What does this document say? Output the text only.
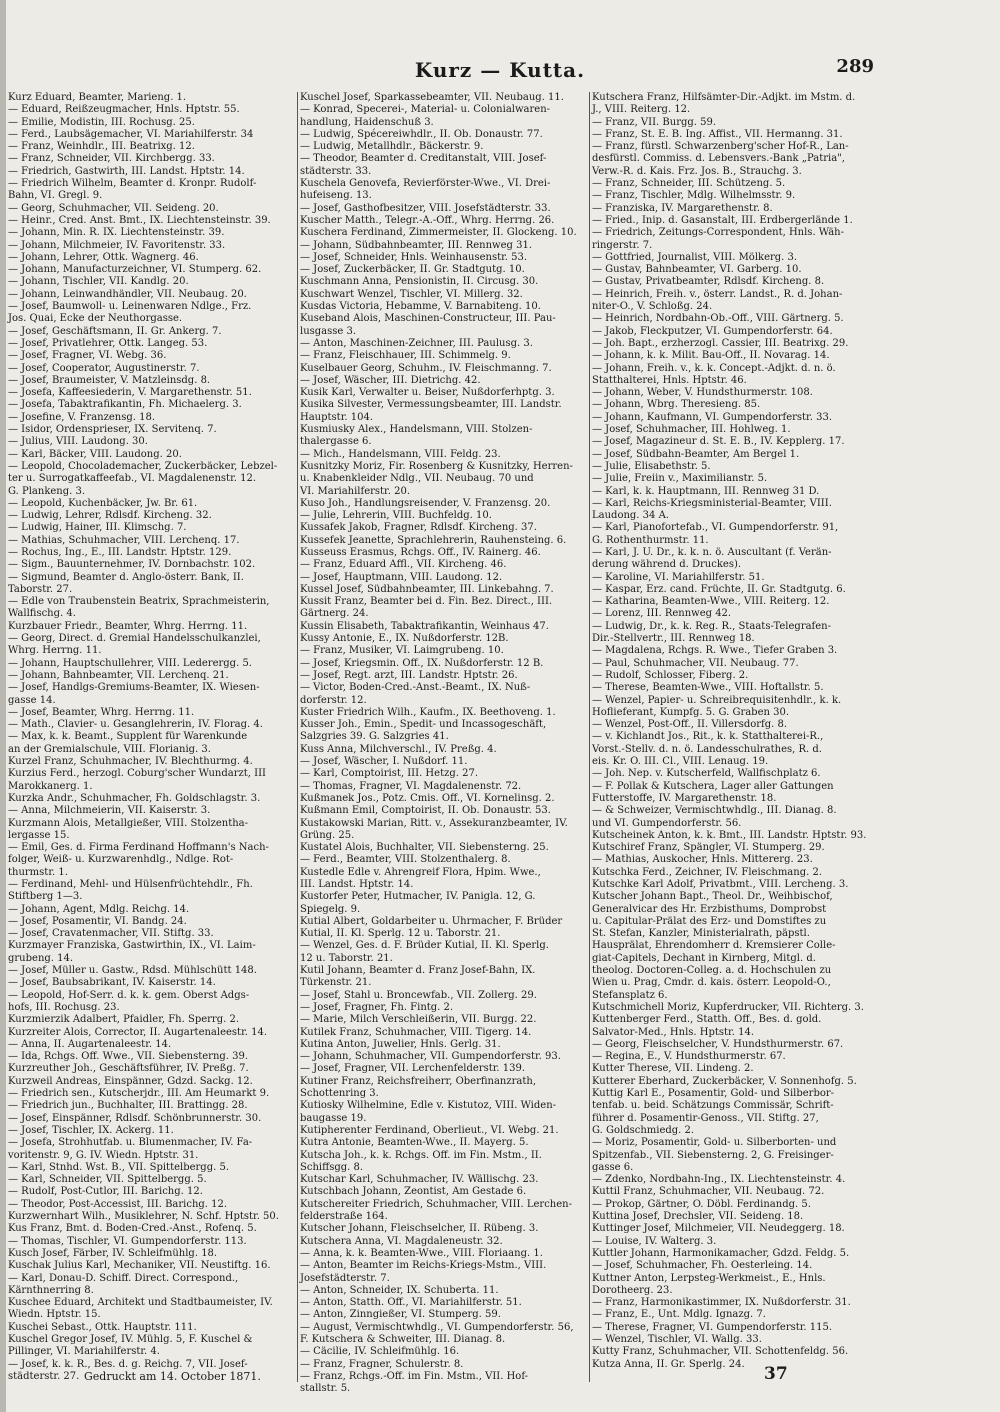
Kurz — Kutta.	289
Kurz Eduard, Beamter, Marieng. 1.
— Eduard, Reißzeugmacher, Hnls. Hptstr. 55.
— Emilie, Modistin, III. Rochusg. 25.
— Ferd., Laubsägemacher, VI. Mariahilferstr. 34
— Franz, Weinhdlr., III. Beatrixg. 12.
— Franz, Schneider, VII. Kirchbergg. 33.
— Friedrich, Gastwirth, III. Landst. Hptstr. 14.
— Friedrich Wilhelm, Beamter d. Kronpr. Rudolf-
Bahn, VI. Gregl. 9.
— Georg, Schuhmacher, VII. Seideng. 20.
— Heinr., Cred. Anst. Bmt., IX. Liechtensteinstr. 39.
— Johann, Min. R. IX. Liechtensteinstr. 39.
— Johann, Milchmeier, IV. Favoritenstr. 33.
— Johann, Lehrer, Ottk. Wagnerg. 46.
— Johann, Manufacturzeichner, VI. Stumperg. 62.
— Johann, Tischler, VII. Kandlg. 20.
— Johann, Leinwandhändler, VII. Neubaug. 20.
— Josef, Baumwoll- u. Leinenwaren Ndlge., Frz.
Jos. Quai, Ecke der Neuthorgasse.
— Josef, Geschäftsmann, II. Gr. Ankerg. 7.
— Josef, Privatlehrer, Ottk. Langeg. 53.
— Josef, Fragner, VI. Webg. 36.
— Josef, Cooperator, Augustinerstr. 7.
— Josef, Braumeister, V. Matzleinsdg. 8.
— Josefa, Kaffeesiederin, V. Margarethenstr. 51.
— Josefa, Tabaktrafikantin, Fh. Michaelerg. 3.
— Josefine, V. Franzensg. 18.
— Isidor, Ordensprieser, IX. Servitenq. 7.
— Julius, VIII. Laudong. 30.
— Karl, Bäcker, VIII. Laudong. 20.
— Leopold, Chocolademacher, Zuckerbäcker, Lebzel-
ter u. Surrogatkaffeefab., VI. Magdalenenstr. 12.
G. Plankeng. 3.
— Leopold, Kuchenbäcker, Jw. Br. 61.
— Ludwig, Lehrer, Rdlsdf. Kircheng. 32.
— Ludwig, Hainer, III. Klimschg. 7.
— Mathias, Schuhmacher, VIII. Lerchenq. 17.
— Rochus, Ing., E., III. Landstr. Hptstr. 129.
— Sigm., Bauunternehmer, IV. Dornbachstr. 102.
— Sigmund, Beamter d. Anglo-österr. Bank, II.
Taborstr. 27.
— Edle von Traubenstein Beatrix, Sprachmeisterin,
Wallfischg. 4.
Kurzbauer Friedr., Beamter, Whrg. Herrng. 11.
— Georg, Direct. d. Gremial Handelsschulkanzlei,
Whrg. Herrng. 11.
— Johann, Hauptschullehrer, VIII. Lederergg. 5.
— Johann, Bahnbeamter, VII. Lerchenq. 21.
— Josef, Handlgs-Gremiums-Beamter, IX. Wiesen-
gasse 14.
— Josef, Beamter, Whrg. Herrng. 11.
— Math., Clavier- u. Gesanglehrerin, IV. Florag. 4.
— Max, k. k. Beamt., Supplent für Warenkunde
an der Gremialschule, VIII. Florianig. 3.
Kurzel Franz, Schuhmacher, IV. Blechthurmg. 4.
Kurzius Ferd., herzogl. Coburg'scher Wundarzt, III
Marokkanerg. 1.
Kurzka Andr., Schuhmacher, Fh. Goldschlagstr. 3.
— Anna, Milchmeierin, VII. Kaiserstr. 3.
Kurzmann Alois, Metallgießer, VIII. Stolzentha-
lergasse 15.
— Emil, Ges. d. Firma Ferdinand Hoffmann's Nach-
folger, Weiß- u. Kurzwarenhdlg., Ndlge. Rot-
thurmstr. 1.
— Ferdinand, Mehl- und Hülsenfrüchtehdlr., Fh.
Stiftberg 1—3.
— Johann, Agent, Mdlg. Reichg. 14.
— Josef, Posamentir, VI. Bandg. 24.
— Josef, Cravatenmacher, VII. Stiftg. 33.
Kurzmayer Franziska, Gastwirthin, IX., VI. Laim-
grubeng. 14.
— Josef, Müller u. Gastw., Rdsd. Mühlschütt 148.
— Josef, Baubsabrikant, IV. Kaiserstr. 14.
— Leopold, Hof-Serr. d. k. k. gem. Oberst Adgs-
hofs, III. Rochusg. 23.
Kurzmierzik Adalbert, Pfaidler, Fh. Sperrg. 2.
Kurzreiter Alois, Corrector, II. Augartenaleestr. 14.
— Anna, II. Augartenaleestr. 14.
— Ida, Rchgs. Off. Wwe., VII. Siebensterng. 39.
Kurzreuther Joh., Geschäftsführer, IV. Preßg. 7.
Kurzweil Andreas, Einspänner, Gdzd. Sackg. 12.
— Friedrich sen., Kutscherjdr., III. Am Heumarkt 9.
— Friedrich jun., Buchhalter, III. Brattingg. 28.
— Josef, Einspänner, Rdlsdf. Schönbrunnerstr. 30.
— Josef, Tischler, IX. Ackerg. 11.
— Josefa, Strohhutfab. u. Blumenmacher, IV. Fa-
voritenstr. 9, G. IV. Wiedn. Hptstr. 31.
— Karl, Stnhd. Wst. B., VII. Spittelbergg. 5.
— Karl, Schneider, VII. Spittelbergg. 5.
— Rudolf, Post-Cutlor, III. Barichg. 12.
— Theodor, Post-Accessist, III. Barichg. 12.
Kurzwernhart Wilh., Musiklehrer, N. Schf. Hptstr. 50.
Kus Franz, Bmt. d. Boden-Cred.-Anst., Rofenq. 5.
— Thomas, Tischler, VI. Gumpendorferstr. 113.
Kusch Josef, Färber, IV. Schleifmühlg. 18.
Kuschak Julius Karl, Mechaniker, VII. Neustiftg. 16.
— Karl, Donau-D. Schiff. Direct. Correspond.,
Kärnthnerring 8.
Kuschee Eduard, Architekt und Stadtbaumeister, IV.
Wiedn. Hptstr. 15.
Kuschei Sebast., Ottk. Hauptstr. 111.
Kuschel Gregor Josef, IV. Mühlg. 5, F. Kuschel &
Pillinger, VI. Mariahilferstr. 4.
— Josef, k. k. R., Bes. d. g. Reichg. 7, VII. Josef-
städterstr. 27.
Kuschel Josef, Sparkassebeamter, VII. Neubaug. 11.
— Konrad, Specerei-, Material- u. Colonialwaren-
handlung, Haidenschuß 3.
— Ludwig, Spécereiwhdlr., II. Ob. Donaustr. 77.
— Ludwig, Metallhdlr., Bäckerstr. 9.
— Theodor, Beamter d. Creditanstalt, VIII. Josef-
städterstr. 33.
Kuschela Genovefa, Revierförster-Wwe., VI. Drei-
hufeiseng. 13.
— Josef, Gasthofbesitzer, VIII. Josefstädterstr. 33.
Kuscher Matth., Telegr.-A.-Off., Whrg. Herrng. 26.
Kuschera Ferdinand, Zimmermeister, II. Glockeng. 10.
— Johann, Südbahnbeamter, III. Rennweg 31.
— Josef, Schneider, Hnls. Weinhausenstr. 53.
— Josef, Zuckerbäcker, II. Gr. Stadtgutg. 10.
Kuschmann Anna, Pensionistin, II. Circusg. 30.
Kuschwart Wenzel, Tischler, VI. Millerg. 32.
Kusdas Victoria, Hebamme, V. Barnabiteng. 10.
Kuseband Alois, Maschinen-Constructeur, III. Pau-
lusgasse 3.
— Anton, Maschinen-Zeichner, III. Paulusg. 3.
— Franz, Fleischhauer, III. Schimmelg. 9.
Kuselbauer Georg, Schuhm., IV. Fleischmanng. 7.
— Josef, Wäscher, III. Dietrichg. 42.
Kusik Karl, Verwalter u. Beiser, Nußdorferhptg. 3.
Kusika Silvester, Vermessungsbeamter, III. Landstr.
Hauptstr. 104.
Kusmiusky Alex., Handelsmann, VIII. Stolzen-
thalergasse 6.
— Mich., Handelsmann, VIII. Feldg. 23.
Kusnitzky Moriz, Fir. Rosenberg & Kusnitzky, Herren-
u. Knabenkleider Ndlg., VII. Neubaug. 70 und
VI. Mariahilferstr. 20.
Kuso Joh., Handlungsreisender, V. Franzensg. 20.
— Julie, Lehrerin, VIII. Buchfeldg. 10.
Kussafek Jakob, Fragner, Rdlsdf. Kircheng. 37.
Kussefek Jeanette, Sprachlehrerin, Rauhensteing. 6.
Kusseuss Erasmus, Rchgs. Off., IV. Rainerg. 46.
— Franz, Eduard Affl., VII. Kircheng. 46.
— Josef, Hauptmann, VIII. Laudong. 12.
Kussel Josef, Südbahnbeamter, III. Linkebahng. 7.
Kussit Franz, Beamter bei d. Fin. Bez. Direct., III.
Gärtnerg. 24.
Kussin Elisabeth, Tabaktrafikantin, Weinhaus 47.
Kussy Antonie, E., IX. Nußdorferstr. 12B.
— Franz, Musiker, VI. Laimgrubeng. 10.
— Josef, Kriegsmin. Off., IX. Nußdorferstr. 12 B.
— Josef, Regt. arzt, III. Landstr. Hptstr. 26.
— Victor, Boden-Cred.-Anst.-Beamt., IX. Nuß-
dorferstr. 12.
Kuster Friedrich Wilh., Kaufm., IX. Beethoveng. 1.
Kusser Joh., Emin., Spedit- und Incassogeschäft,
Salzgries 39. G. Salzgries 41.
Kuss Anna, Milchverschl., IV. Preßg. 4.
— Josef, Wäscher, I. Nußdorf. 11.
— Karl, Comptoirist, III. Hetzg. 27.
— Thomas, Fragner, VI. Magdalenenstr. 72.
Kußmanek Jos., Potz. Cmis. Off., VI. Kornelinsg. 2.
Kußmann Emil, Comptoirist, II. Ob. Donaustr. 53.
Kustakowski Marian, Ritt. v., Assekuranzbeamter, IV.
Grüng. 25.
Kustatel Alois, Buchhalter, VII. Siebensterng. 25.
— Ferd., Beamter, VIII. Stolzenthalerg. 8.
Kustedle Edle v. Ahrengreif Flora, Hpim. Wwe.,
III. Landst. Hptstr. 14.
Kustorfer Peter, Hutmacher, IV. Panigla. 12, G.
Spiegelg. 9.
Kutial Albert, Goldarbeiter u. Uhrmacher, F. Brüder
Kutial, II. Kl. Sperlg. 12 u. Taborstr. 21.
— Wenzel, Ges. d. F. Brüder Kutial, II. Kl. Sperlg.
12 u. Taborstr. 21.
Kutil Johann, Beamter d. Franz Josef-Bahn, IX.
Türkenstr. 21.
— Josef, Stahl u. Broncewfab., VII. Zollerg. 29.
— Josef, Fragner, Fh. Fintg. 2.
— Marie, Milch Verschleißerin, VII. Burgg. 22.
Kutilek Franz, Schuhmacher, VIII. Tigerg. 14.
Kutina Anton, Juwelier, Hnls. Gerlg. 31.
— Johann, Schuhmacher, VII. Gumpendorferstr. 93.
— Josef, Fragner, VII. Lerchenfelderstr. 139.
Kutiner Franz, Reichsfreiherr, Oberfinanzrath,
Schottenring 3.
Kutiosky Wilhelmine, Edle v. Kistutoz, VIII. Widen-
baugasse 19.
Kutipherenter Ferdinand, Oberlieut., VI. Webg. 21.
Kutra Antonie, Beamten-Wwe., II. Mayerg. 5.
Kutscha Joh., k. k. Rchgs. Off. im Fin. Mstm., II.
Schiffsgg. 8.
Kutschar Karl, Schuhmacher, IV. Wällischg. 23.
Kutschbach Johann, Zeontist, Am Gestade 6.
Kutschereiter Friedrich, Schuhmacher, VIII. Lerchen-
felderstraße 164.
Kutscher Johann, Fleischselcher, II. Rübeng. 3.
Kutschera Anna, VI. Magdaleneustr. 32.
— Anna, k. k. Beamten-Wwe., VIII. Floriaang. 1.
— Anton, Beamter im Reichs-Kriegs-Mstm., VIII.
Josefstädterstr. 7.
— Anton, Schneider, IX. Schuberta. 11.
— Anton, Statth. Off., VI. Mariahilferstr. 51.
— Anton, Zinngießer, VI. Stumperg. 59.
— August, Vermischtwhdlg., VI. Gumpendorferstr. 56,
F. Kutschera & Schweiter, III. Dianag. 8.
— Cäcilie, IV. Schleifmühlg. 16.
— Franz, Fragner, Schulerstr. 8.
— Franz, Rchgs.-Off. im Fin. Mstm., VII. Hof-
stallstr. 5.
Kutschera Franz, Hilfsämter-Dir.-Adjkt. im Mstm. d.
J., VIII. Reiterg. 12.
— Franz, VII. Burgg. 59.
— Franz, St. E. B. Ing. Affist., VII. Hermanng. 31.
— Franz, fürstl. Schwarzenberg'scher Hof-R., Lan-
desfürstl. Commiss. d. Lebensvers.-Bank „Patria",
Verw.-R. d. Kais. Frz. Jos. B., Strauchg. 3.
— Franz, Schneider, III. Schützeng. 5.
— Franz, Tischler, Mdlg. Wilhelmsstr. 9.
— Franziska, IV. Margarethenstr. 8.
— Fried., Inip. d. Gasanstalt, III. Erdbergerlände 1.
— Friedrich, Zeitungs-Correspondent, Hnls. Wäh-
ringerstr. 7.
— Gottfried, Journalist, VIII. Mölkerg. 3.
— Gustav, Bahnbeamter, VI. Garberg. 10.
— Gustav, Privatbeamter, Rdlsdf. Kircheng. 8.
— Heinrich, Freih. v., österr. Landst., R. d. Johan-
niter-O., V. Schloßg. 24.
— Heinrich, Nordbahn-Ob.-Off., VIII. Gärtnerg. 5.
— Jakob, Fleckputzer, VI. Gumpendorferstr. 64.
— Joh. Bapt., erzherzogl. Cassier, III. Beatrixg. 29.
— Johann, k. k. Milit. Bau-Off., II. Novarag. 14.
— Johann, Freih. v., k. k. Concept.-Adjkt. d. n. ö.
Statthalterei, Hnls. Hptstr. 46.
— Johann, Weber, V. Hundsthurmerstr. 108.
— Johann, Wbrg. Theresieng. 85.
— Johann, Kaufmann, VI. Gumpendorferstr. 33.
— Josef, Schuhmacher, III. Hohlweg. 1.
— Josef, Magazineur d. St. E. B., IV. Kepplerg. 17.
— Josef, Südbahn-Beamter, Am Bergel 1.
— Julie, Elisabethstr. 5.
— Julie, Freiin v., Maximilianstr. 5.
— Karl, k. k. Hauptmann, III. Rennweg 31 D.
— Karl, Reichs-Kriegsministerial-Beamter, VIII.
Laudong. 34 A.
— Karl, Pianofortefab., VI. Gumpendorferstr. 91,
G. Rothenthurmstr. 11.
— Karl, J. U. Dr., k. k. n. ö. Auscultant (f. Verän-
derung während d. Druckes).
— Karoline, VI. Mariahilferstr. 51.
— Kaspar, Erz. cand. Früchte, II. Gr. Stadtgutg. 6.
— Katharina, Beamten-Wwe., VIII. Reiterg. 12.
— Lorenz, III. Rennweg 42.
— Ludwig, Dr., k. k. Reg. R., Staats-Telegrafen-
Dir.-Stellvertr., III. Rennweg 18.
— Magdalena, Rchgs. R. Wwe., Tiefer Graben 3.
— Paul, Schuhmacher, VII. Neubaug. 77.
— Rudolf, Schlosser, Fiberg. 2.
— Therese, Beamten-Wwe., VIII. Hoftallstr. 5.
— Wenzel, Papier- u. Schreibrequisitenhdlr., k. k.
Hoflieferant, Kumpfg. 5. G. Graben 30.
— Wenzel, Post-Off., II. Villersdorfg. 8.
— v. Kichlandt Jos., Rit., k. k. Statthalterei-R.,
Vorst.-Stellv. d. n. ö. Landesschulrathes, R. d.
eis. Kr. O. III. Cl., VIII. Lenaug. 19.
— Joh. Nep. v. Kutscherfeld, Wallfischplatz 6.
— F. Pollak & Kutschera, Lager aller Gattungen
Futterstoffe, IV. Margarethenstr. 18.
— & Schweizer, Vermischtwhdlg., III. Dianag. 8.
und VI. Gumpendorferstr. 56.
Kutscheinek Anton, k. k. Bmt., III. Landstr. Hptstr. 93.
Kutschiref Franz, Spängler, VI. Stumperg. 29.
— Mathias, Auskocher, Hnls. Mittererg. 23.
Kutschka Ferd., Zeichner, IV. Fleischmang. 2.
Kutschke Karl Adolf, Privatbmt., VIII. Lercheng. 3.
Kutscher Johann Bapt., Theol. Dr., Weihbischof,
Generalvicar des Hr. Erzbisthums, Domprobst
u. Capitular-Prälat des Erz- und Domstiftes zu
St. Stefan, Kanzler, Ministerialrath, päpstl.
Hausprälat, Ehrendomherr d. Kremsierer Colle-
giat-Capitels, Dechant in Kirnberg, Mitgl. d.
theolog. Doctoren-Colleg. a. d. Hochschulen zu
Wien u. Prag, Cmdr. d. kais. österr. Leopold-O.,
Stefansplatz 6.
Kutschmichell Moriz, Kupferdrucker, VII. Richterg. 3.
Kuttenberger Ferd., Statth. Off., Bes. d. gold.
Salvator-Med., Hnls. Hptstr. 14.
— Georg, Fleischselcher, V. Hundsthurmerstr. 67.
— Regina, E., V. Hundsthurmerstr. 67.
Kutter Therese, VII. Lindeng. 2.
Kutterer Eberhard, Zuckerbäcker, V. Sonnenhofg. 5.
Kuttig Karl E., Posamentir, Gold- und Silberbor-
tenfab. u. beid. Schätzungs Commissär, Schrift-
führer d. Posamentir-Genoss., VII. Stiftg. 27,
G. Goldschmiedg. 2.
— Moriz, Posamentir, Gold- u. Silberborten- und
Spitzenfab., VII. Siebensterng. 2, G. Freisinger-
gasse 6.
— Zdenko, Nordbahn-Ing., IX. Liechtensteinstr. 4.
Kuttil Franz, Schuhmacher, VII. Neubaug. 72.
— Prokop, Gärtner, O. Döbl. Ferdinandg. 5.
Kuttina Josef, Drechsler, VII. Seideng. 18.
Kuttinger Josef, Milchmeier, VII. Neudeggerg. 18.
— Louise, IV. Walterg. 3.
Kuttler Johann, Harmonikamacher, Gdzd. Feldg. 5.
— Josef, Schuhmacher, Fh. Oesterleing. 14.
Kuttner Anton, Lerpsteg-Werkmeist., E., Hnls.
Dorotheerg. 23.
— Franz, Harmonikastimmer, IX. Nußdorferstr. 31.
— Franz, E., Unt. Mdlg. Ignazg. 7.
— Therese, Fragner, VI. Gumpendorferstr. 115.
— Wenzel, Tischler, VI. Wallg. 33.
Kutty Franz, Schuhmacher, VII. Schottenfeldg. 56.
Kutza Anna, II. Gr. Sperlg. 24.
Gedruckt am 14. October 1871.	37
